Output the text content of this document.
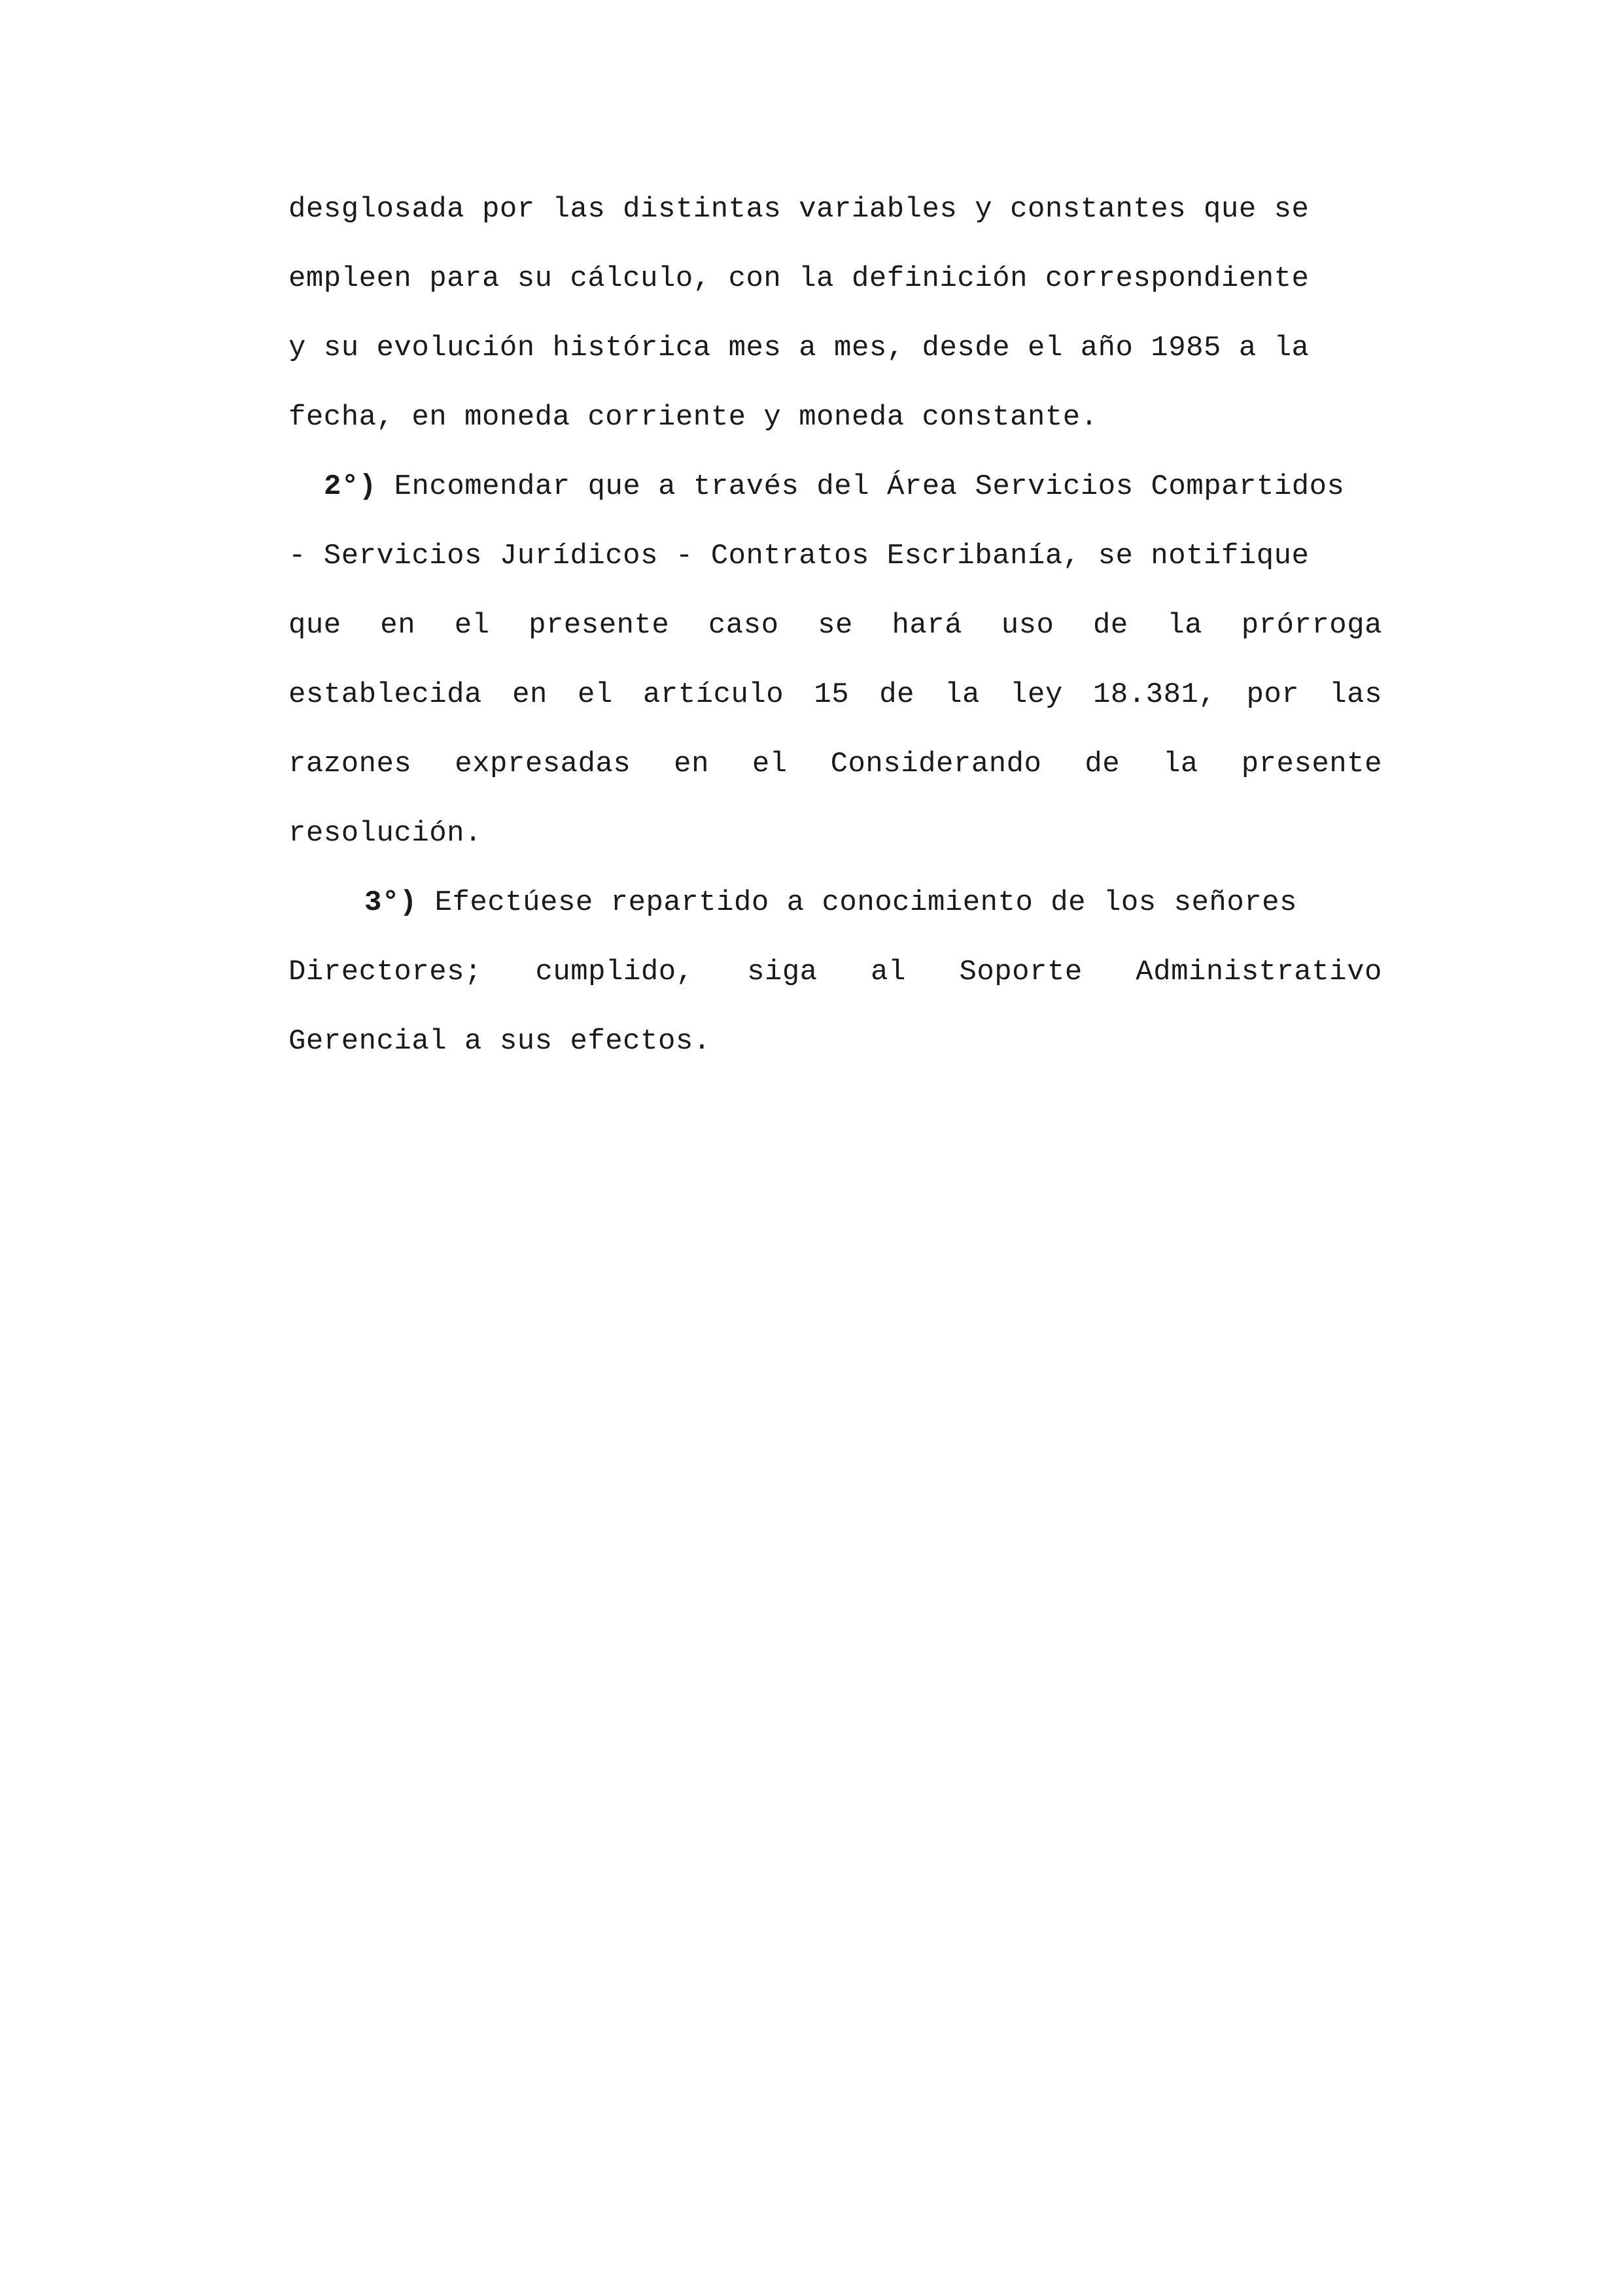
desglosada por las distintas variables y constantes que se
empleen para su cálculo, con la definición correspondiente
y su evolución histórica mes a mes, desde el año 1985 a la
fecha, en moneda corriente y moneda constante.
2°) Encomendar que a través del Área Servicios Compartidos
- Servicios Jurídicos - Contratos Escribanía, se notifique
que en el presente caso se hará uso de la prórroga
establecida en el artículo 15 de la ley 18.381, por las
razones expresadas en el Considerando de la presente
resolución.
3°) Efectúese repartido a conocimiento de los señores
Directores; cumplido, siga al Soporte Administrativo
Gerencial a sus efectos.
